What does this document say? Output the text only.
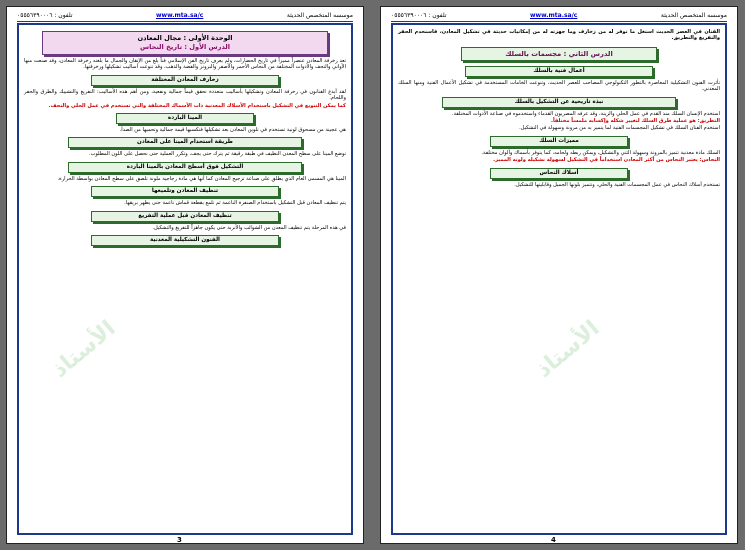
موسسه المتخصص الحديثة
www.mta.sa/c
تلفون : ٠٥٥٥٦٣٩٠٠٠٦
الوحدة الأولى : مجال المعادن
الدرس الأول : تاريخ النحاس
تعد زخرفة المعادن عنصراً مميزاً في تاريخ الحضارات، ولم يعرف تاريخ الفن الإسلامي فناً بلغ من الإتقان والجمال ما بلغته زخرفة المعادن، وقد صنعت منها الأواني والتحف والأدوات المختلفة من النحاس الأحمر والأصفر والبرونز والفضة والذهب، وقد تنوعت أساليب تشكيلها وزخرفتها.
زخارف المعادن المختلفة
لقد أبدع الفنانون في زخرفة المعادن وتشكيلها بأساليب متعددة تحقق قيماً جمالية ونفعية، ومن أهم هذه الأساليب: التفريغ والتشبيك والطرق والحفر واللحام.
كما يمكن التنويع في التشكيل باستخدام الأسلاك المعدنية ذات الأسماك المختلفة والتي تستخدم في عمل الحلي والتحف.
المينا الباردة
هي عجينة من مسحوق لونية تستخدم في تلوين المعادن بعد تشكيلها فتكسبها قيمة جمالية وتحميها من الصدأ.
طريقة استخدام المينا على المعادن
توضع المينا على سطح المعدن النظيف في طبقة رقيقة ثم يترك حتى يجف، وتكرر العملية حتى نحصل على اللون المطلوب.
التشكيل فوق أسطح المعادن بالمينا الباردة
المينا هي المسمى العام الذي يطلق على صناعة تزجيج المعادن كما أنها هي مادة زجاجية ملونة تلصق على سطح المعادن بواسطة الحرارة.
تنظيف المعادن وتلميعها
يتم تنظيف المعادن قبل التشكيل باستخدام الصنفرة الناعمة ثم تلمع بقطعة قماش ناعمة حتى يظهر بريقها.
تنظيف المعادن قبل عملية التفريغ
في هذه المرحلة يتم تنظيف المعدن من الشوائب والأتربة حتى يكون جاهزاً للتفريغ والتشكيل.
الفنون التشكيلية المعدنية
الأستاذ
3
موسسه المتخصص الحديثة
www.mta.sa/c
تلفون : ٠٥٥٥٦٣٩٠٠٠٦
الفنان في العصر الحديث استغل ما توفر له من زخارف وما جهزته له من إمكانيات حديثة في تشكيل المعادن، فاستخدم الحفر والتفريغ والتطريق.
الدرس الثاني : مجسمات بالسلك
أعمال فنية بالسلك
تأثرت الفنون التشكيلية المعاصرة بالتطور التكنولوجي المصاحب للعصر الحديث، وتنوعت الخامات المستخدمة في تشكيل الأعمال الفنية ومنها السلك المعدني.
نبذة تاريخية عن التشكيل بالسلك
استخدم الإنسان السلك منذ القدم في عمل الحلي والزينة، وقد عرفه المصريون القدماء واستخدموه في صناعة الأدوات المختلفة.
التطريق: هو عملية طرق السلك لتغيير شكله وإكسابه ملمساً مختلفاً.
استخدم الفنان السلك في تشكيل المجسمات الفنية لما يتميز به من مرونة وسهولة في التشكيل.
مميزات السلك
السلك مادة معدنية تتميز بالمرونة وسهولة الثني والتشكيل، ويمكن ربطه ولحامه، كما يتوفر بأسماك وألوان مختلفة.
النحاس: يعتبر النحاس من أكثر المعادن استخداماً في التشكيل لسهولة تشكيله ولونه المميز.
أسلاك النحاس
تستخدم أسلاك النحاس في عمل المجسمات الفنية والحلي، وتتميز بلونها الجميل وقابليتها للتشكيل.
الأستاذ
4
